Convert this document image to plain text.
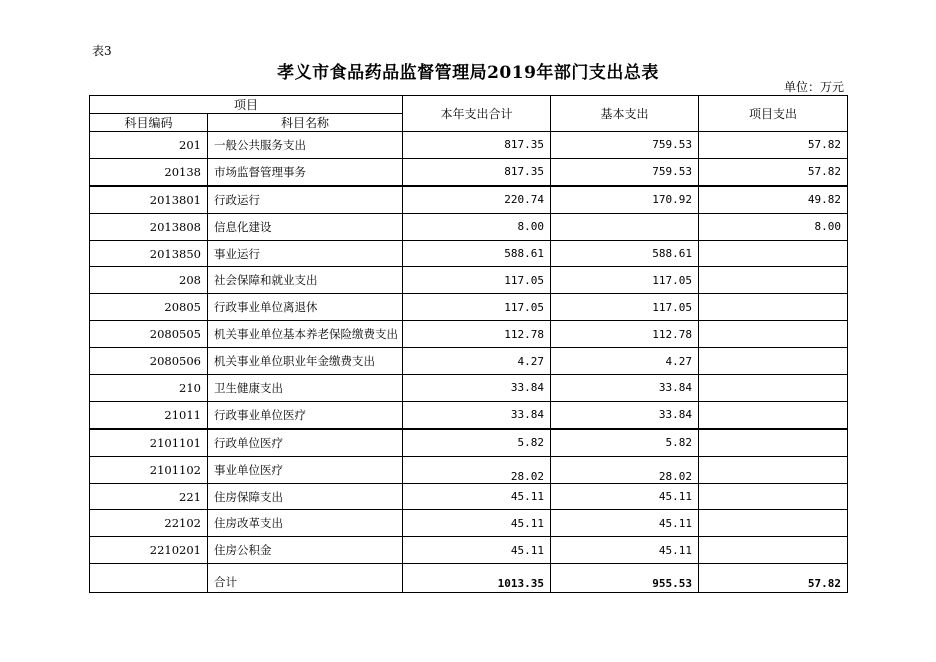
表3
孝义市食品药品监督管理局2019年部门支出总表
单位：万元
项目		本年支出合计	基本支出	项目支出
科目编码	科目名称			
201	一般公共服务支出	817.35	759.53	57.82
20138	市场监督管理事务	817.35	759.53	57.82
2013801	行政运行	220.74	170.92	49.82
2013808	信息化建设	8.00		8.00
2013850	事业运行	588.61	588.61	
208	社会保障和就业支出	117.05	117.05	
20805	行政事业单位离退休	117.05	117.05	
2080505	机关事业单位基本养老保险缴费支出	112.78	112.78	
2080506	机关事业单位职业年金缴费支出	4.27	4.27	
210	卫生健康支出	33.84	33.84	
21011	行政事业单位医疗	33.84	33.84	
2101101	行政单位医疗	5.82	5.82	
2101102	事业单位医疗	28.02	28.02	
221	住房保障支出	45.11	45.11	
22102	住房改革支出	45.11	45.11	
2210201	住房公积金	45.11	45.11	
	合计	1013.35	955.53	57.82
